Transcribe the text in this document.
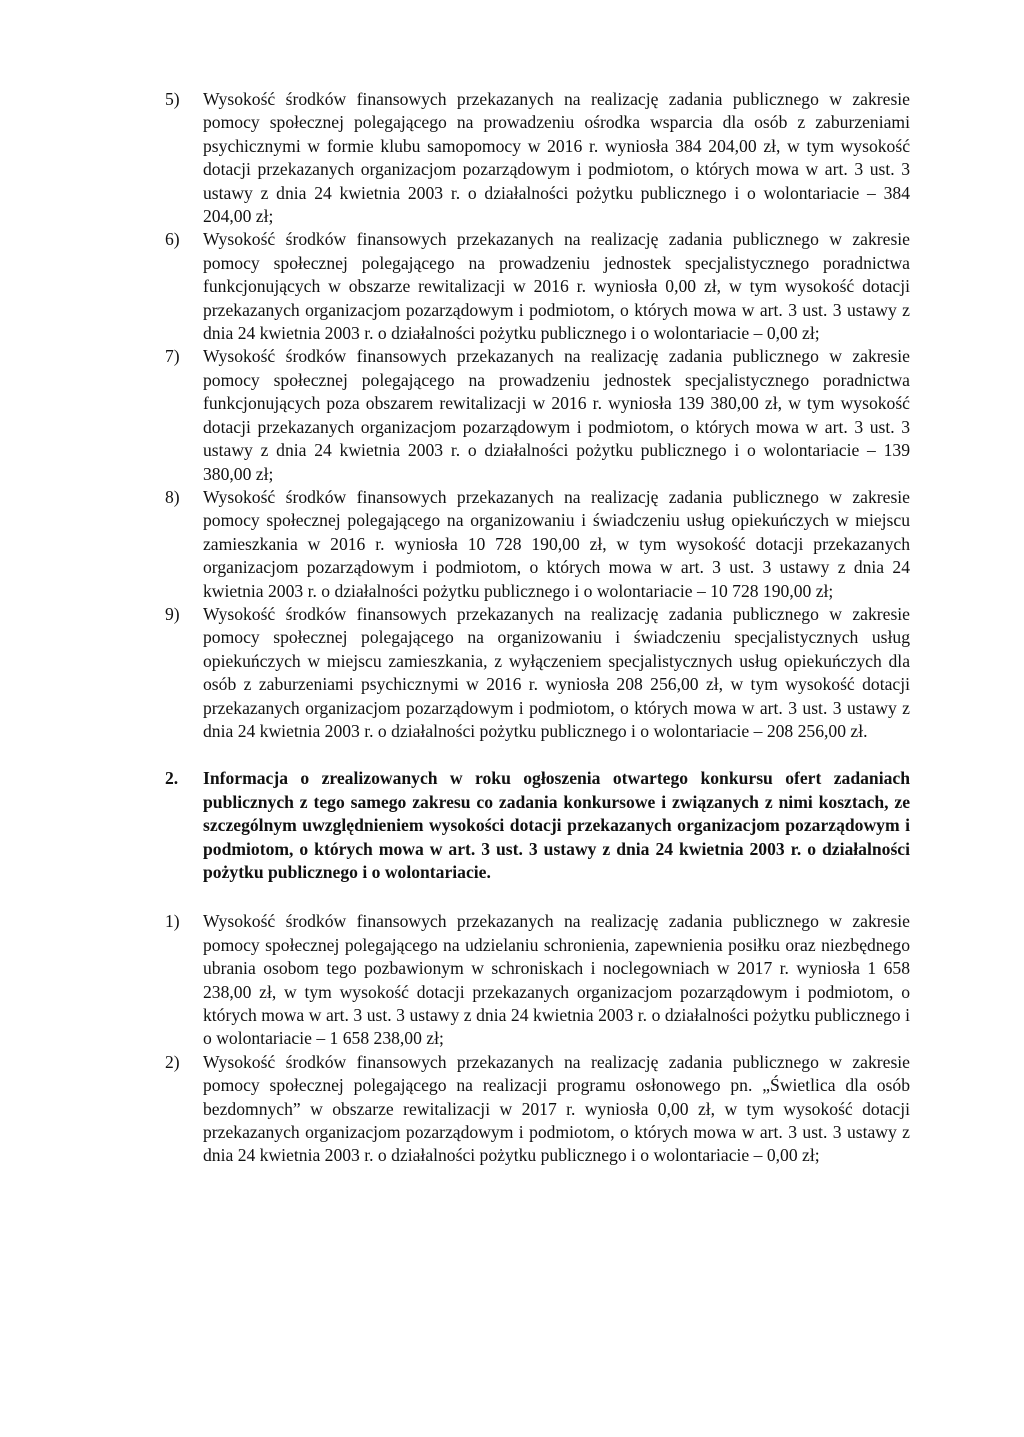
5)	Wysokość środków finansowych przekazanych na realizację zadania publicznego w zakresie pomocy społecznej polegającego na prowadzeniu ośrodka wsparcia dla osób z zaburzeniami psychicznymi w formie klubu samopomocy w 2016 r. wyniosła 384 204,00 zł, w tym wysokość dotacji przekazanych organizacjom pozarządowym i podmiotom, o których mowa w art. 3 ust. 3 ustawy z dnia 24 kwietnia 2003 r. o działalności pożytku publicznego i o wolontariacie – 384 204,00 zł;
6)	Wysokość środków finansowych przekazanych na realizację zadania publicznego w zakresie pomocy społecznej polegającego na prowadzeniu jednostek specjalistycznego poradnictwa funkcjonujących w obszarze rewitalizacji w 2016 r. wyniosła 0,00 zł, w tym wysokość dotacji przekazanych organizacjom pozarządowym i podmiotom, o których mowa w art. 3 ust. 3 ustawy z dnia 24 kwietnia 2003 r. o działalności pożytku publicznego i o wolontariacie – 0,00 zł;
7)	Wysokość środków finansowych przekazanych na realizację zadania publicznego w zakresie pomocy społecznej polegającego na prowadzeniu jednostek specjalistycznego poradnictwa funkcjonujących poza obszarem rewitalizacji w 2016 r. wyniosła 139 380,00 zł, w tym wysokość dotacji przekazanych organizacjom pozarządowym i podmiotom, o których mowa w art. 3 ust. 3 ustawy z dnia 24 kwietnia 2003 r. o działalności pożytku publicznego i o wolontariacie – 139 380,00 zł;
8)	Wysokość środków finansowych przekazanych na realizację zadania publicznego w zakresie pomocy społecznej polegającego na organizowaniu i świadczeniu usług opiekuńczych w miejscu zamieszkania w 2016 r. wyniosła 10 728 190,00 zł, w tym wysokość dotacji przekazanych organizacjom pozarządowym i podmiotom, o których mowa w art. 3 ust. 3 ustawy z dnia 24 kwietnia 2003 r. o działalności pożytku publicznego i o wolontariacie – 10 728 190,00 zł;
9)	Wysokość środków finansowych przekazanych na realizację zadania publicznego w zakresie pomocy społecznej polegającego na organizowaniu i świadczeniu specjalistycznych usług opiekuńczych w miejscu zamieszkania, z wyłączeniem specjalistycznych usług opiekuńczych dla osób z zaburzeniami psychicznymi w 2016 r. wyniosła 208 256,00 zł, w tym wysokość dotacji przekazanych organizacjom pozarządowym i podmiotom, o których mowa w art. 3 ust. 3 ustawy z dnia 24 kwietnia 2003 r. o działalności pożytku publicznego i o wolontariacie – 208 256,00 zł.
2.	Informacja o zrealizowanych w roku ogłoszenia otwartego konkursu ofert zadaniach publicznych z tego samego zakresu co zadania konkursowe i związanych z nimi kosztach, ze szczególnym uwzględnieniem wysokości dotacji przekazanych organizacjom pozarządowym i podmiotom, o których mowa w art. 3 ust. 3 ustawy z dnia 24 kwietnia 2003 r. o działalności pożytku publicznego i o wolontariacie.
1)	Wysokość środków finansowych przekazanych na realizację zadania publicznego w zakresie pomocy społecznej polegającego na udzielaniu schronienia, zapewnienia posiłku oraz niezbędnego ubrania osobom tego pozbawionym w schroniskach i noclegowniach w 2017 r. wyniosła 1 658 238,00 zł, w tym wysokość dotacji przekazanych organizacjom pozarządowym i podmiotom, o których mowa w art. 3 ust. 3 ustawy z dnia 24 kwietnia 2003 r. o działalności pożytku publicznego i o wolontariacie – 1 658 238,00 zł;
2)	Wysokość środków finansowych przekazanych na realizację zadania publicznego w zakresie pomocy społecznej polegającego na realizacji programu osłonowego pn. „Świetlica dla osób bezdomnych” w obszarze rewitalizacji w 2017 r. wyniosła 0,00 zł, w tym wysokość dotacji przekazanych organizacjom pozarządowym i podmiotom, o których mowa w art. 3 ust. 3 ustawy z dnia 24 kwietnia 2003 r. o działalności pożytku publicznego i o wolontariacie – 0,00 zł;
